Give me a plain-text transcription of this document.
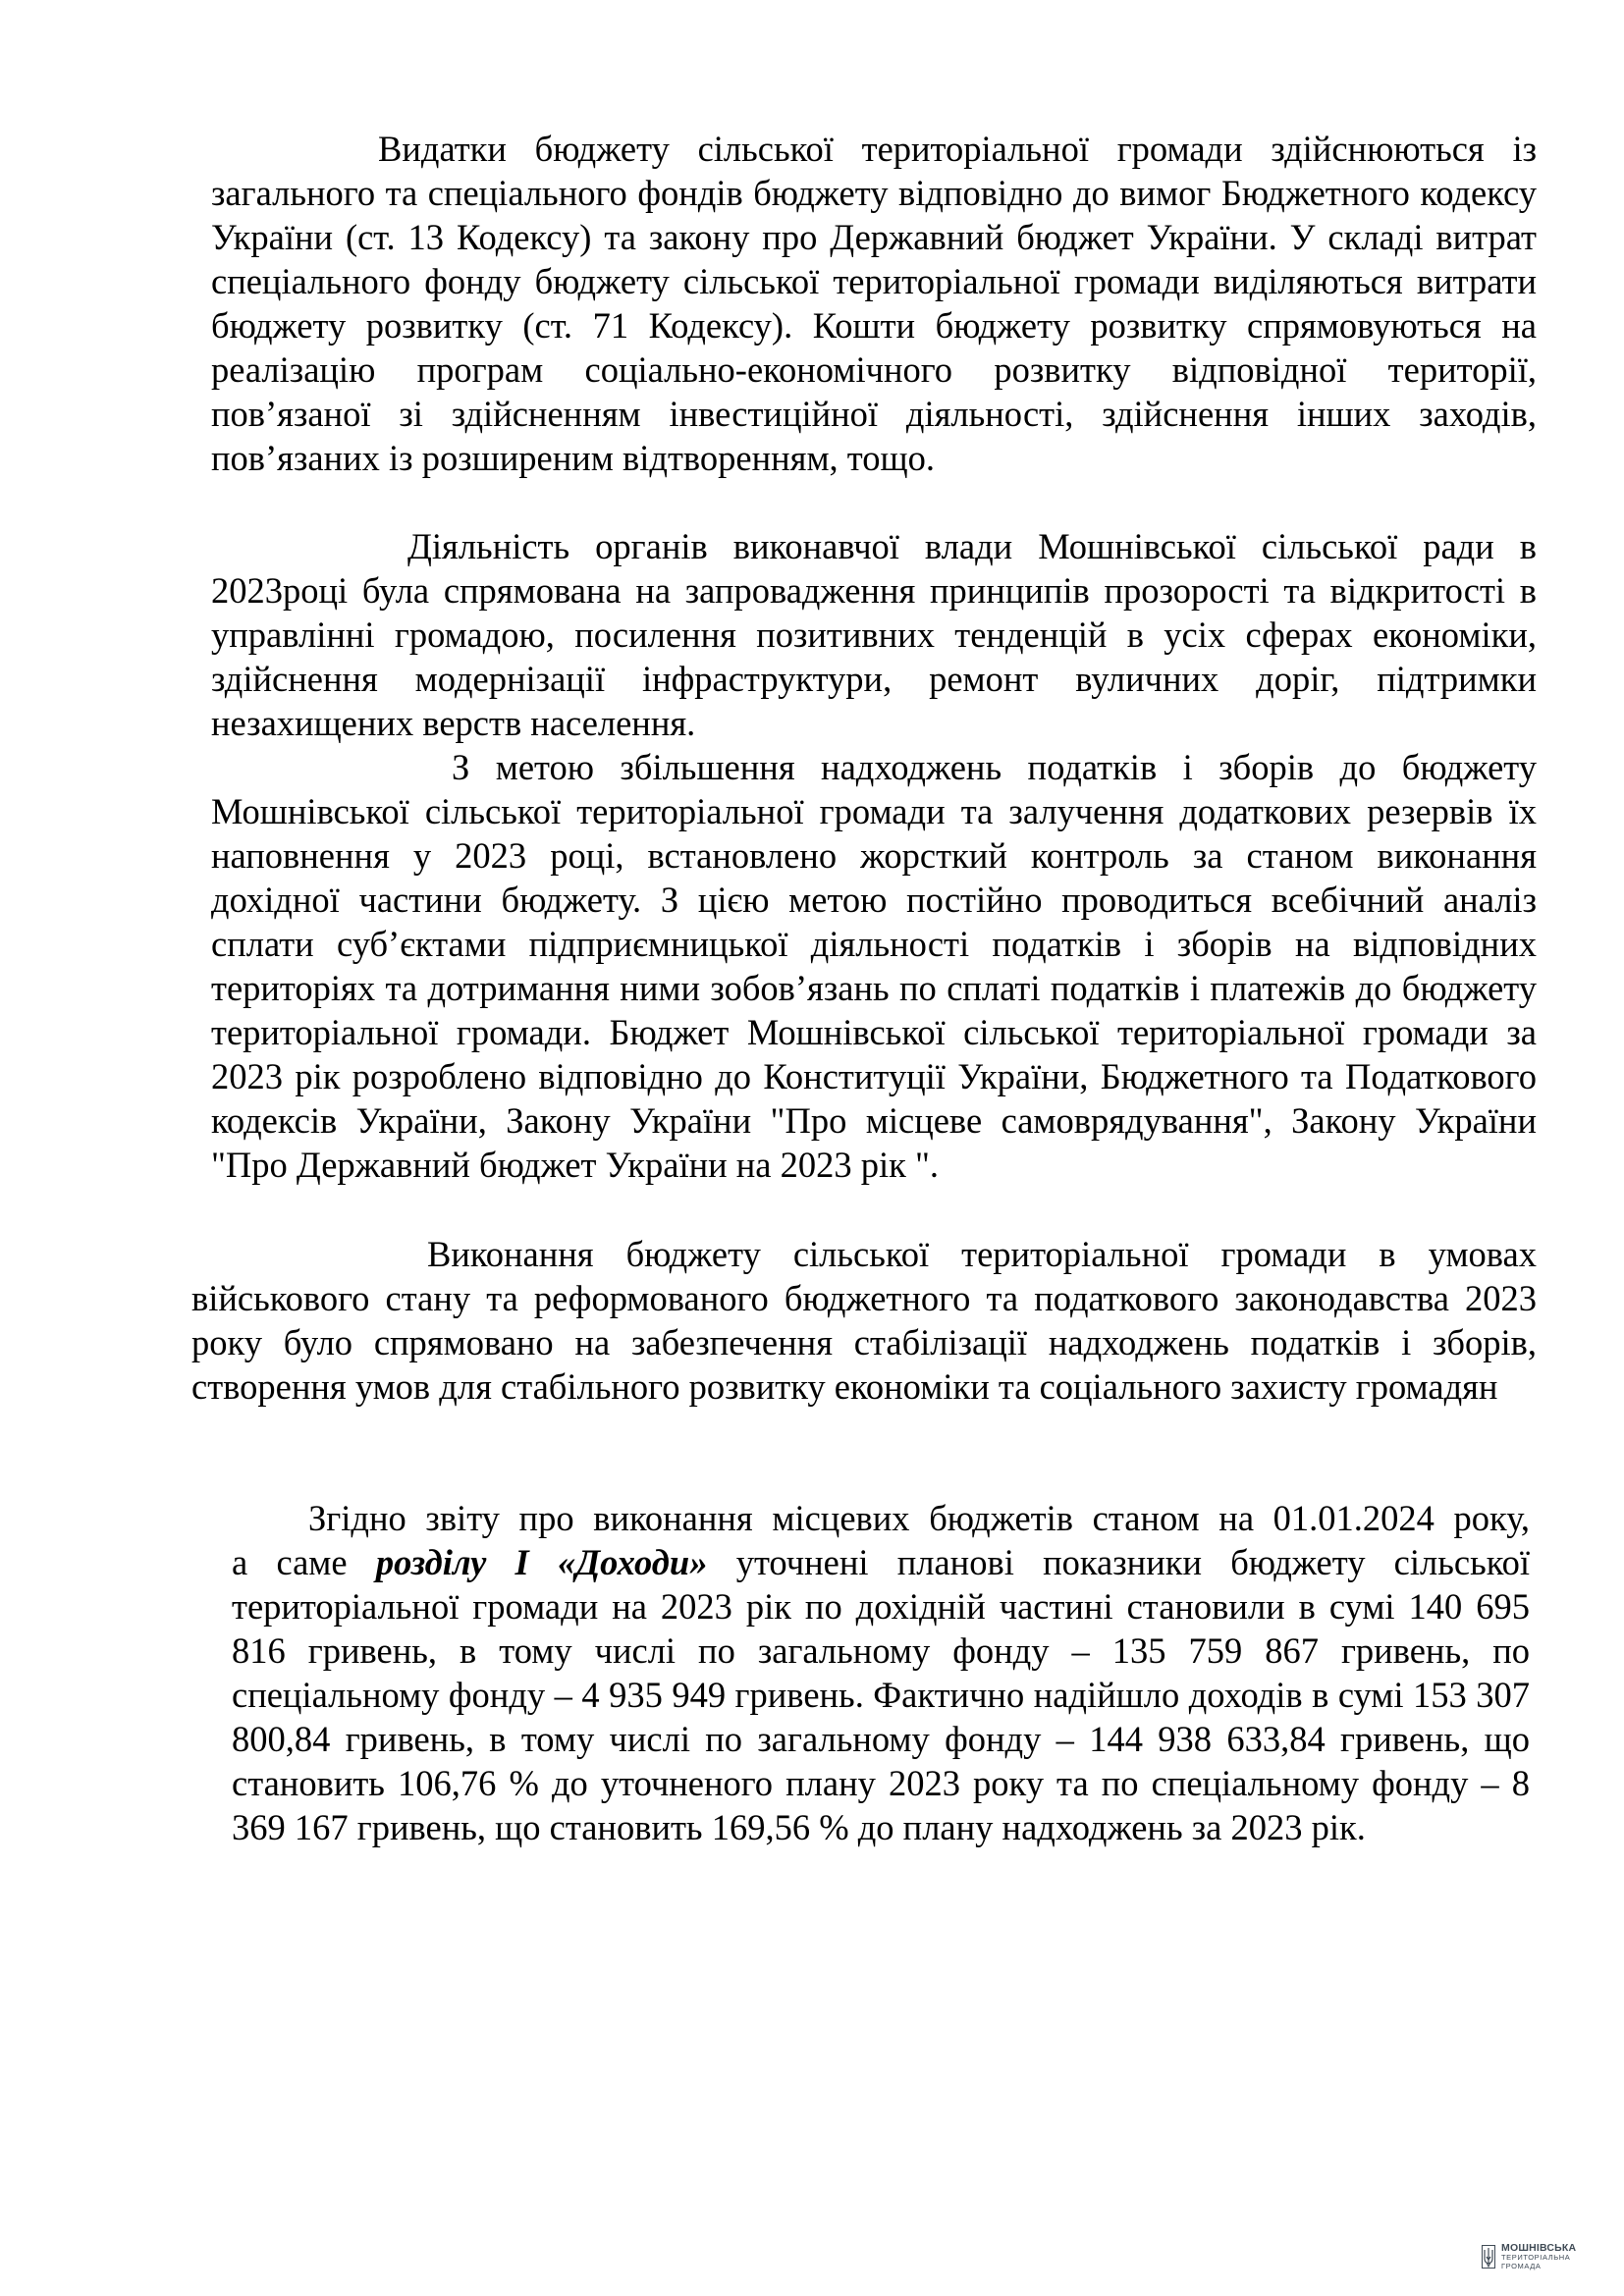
Видатки бюджету сільської територіальної громади здійснюються із загального та спеціального фондів бюджету відповідно до вимог Бюджетного кодексу України (ст. 13 Кодексу) та закону про Державний бюджет України. У складі витрат спеціального фонду бюджету сільської територіальної громади виділяються витрати бюджету розвитку (ст. 71 Кодексу). Кошти бюджету розвитку спрямовуються на реалізацію програм соціально-економічного розвитку відповідної території, пов’язаної зі здійсненням інвестиційної діяльності, здійснення інших заходів, пов’язаних із розширеним відтворенням, тощо.

Діяльність органів виконавчої влади Мошнівської сільської ради в 2023році була спрямована на запровадження принципів прозорості та відкритості в управлінні громадою, посилення позитивних тенденцій в усіх сферах економіки, здійснення модернізації інфраструктури, ремонт вуличних доріг, підтримки незахищених верств населення.

З метою збільшення надходжень податків і зборів до бюджету Мошнівської сільської територіальної громади та залучення додаткових резервів їх наповнення у 2023 році, встановлено жорсткий контроль за станом виконання дохідної частини бюджету. З цією метою постійно проводиться всебічний аналіз сплати суб’єктами підприємницької діяльності податків і зборів на відповідних територіях та дотримання ними зобов’язань по сплаті податків і платежів до бюджету територіальної громади. Бюджет Мошнівської сільської територіальної громади за 2023 рік розроблено відповідно до Конституції України, Бюджетного та Податкового кодексів України, Закону України "Про місцеве самоврядування", Закону України "Про Державний бюджет України на 2023 рік ".

Виконання бюджету сільської територіальної громади в умовах військового стану та реформованого бюджетного та податкового законодавства 2023 року було спрямовано на забезпечення стабілізації надходжень податків і зборів, створення умов для стабільного розвитку економіки та соціального захисту громадян

Згідно звіту про виконання місцевих бюджетів станом на 01.01.2024 року,
а саме розділу І «Доходи» уточнені планові показники бюджету сільської територіальної громади на 2023 рік по дохідній частині становили в сумі 140 695 816 гривень, в тому числі по загальному фонду – 135 759 867 гривень, по спеціальному фонду – 4 935 949 гривень. Фактично надійшло доходів в сумі 153 307 800,84 гривень, в тому числі по загальному фонду – 144 938 633,84 гривень, що становить 106,76 % до уточненого плану 2023 року та по спеціальному фонду – 8 369 167 гривень, що становить 169,56 % до плану надходжень за 2023 рік.
МОШНІВСЬКА
ТЕРИТОРІАЛЬНА
ГРОМАДА
